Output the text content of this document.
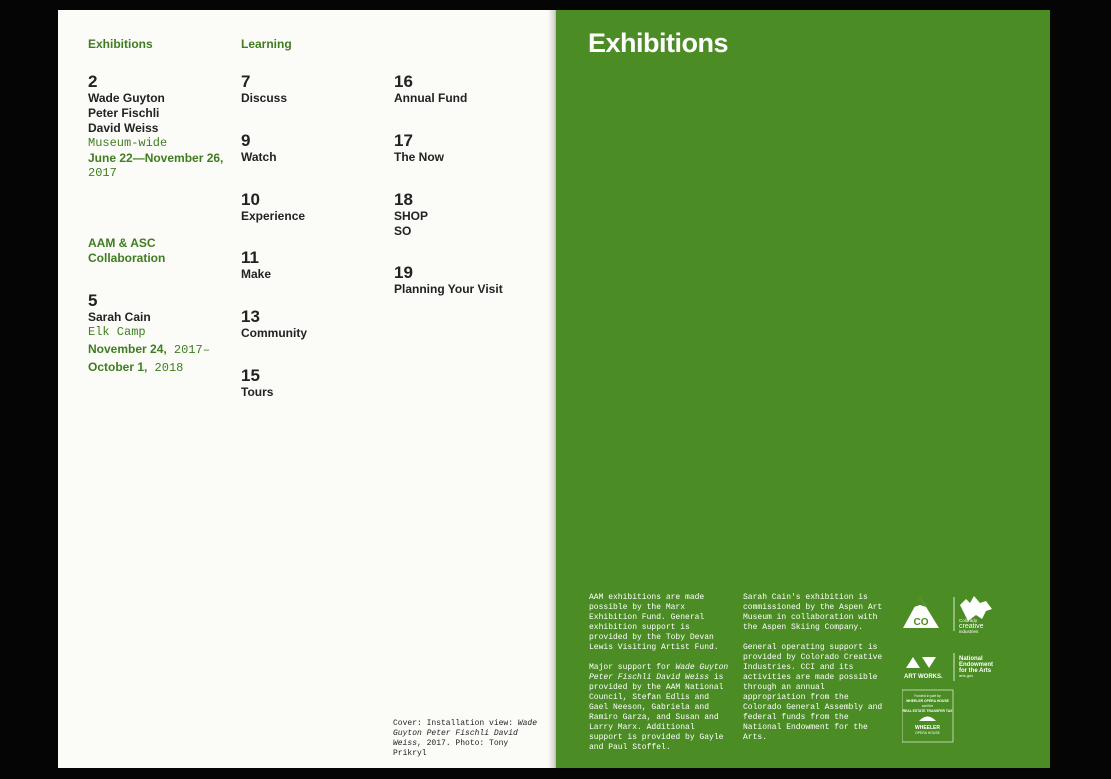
Exhibitions	Learning
2
Wade Guyton
Peter Fischli
David Weiss
Museum-wide
June 22—November 26,
2017
AAM & ASC
Collaboration
5
Sarah Cain
Elk Camp
November 24, 2017–
October 1, 2018
7
Discuss
9
Watch
10
Experience
11
Make
13
Community
15
Tours
16
Annual Fund
17
The Now
18
SHOP
SO
19
Planning Your Visit
Cover: Installation view: Wade Guyton Peter Fischli David Weiss, 2017. Photo: Tony Prikryl
Exhibitions

AAM exhibitions are made possible by the Marx Exhibition Fund. General exhibition support is provided by the Toby Devan Lewis Visiting Artist Fund.

Major support for Wade Guyton Peter Fischli David Weiss is provided by the AAM National Council, Stefan Edlis and Gael Neeson, Gabriela and Ramiro Garza, and Susan and Larry Marx. Additional support is provided by Gayle and Paul Stoffel.

Sarah Cain's exhibition is commissioned by the Aspen Art Museum in collaboration with the Aspen Skiing Company.

General operating support is provided by Colorado Creative Industries. CCI and its activities are made possible through an annual appropriation from the Colorado General Assembly and federal funds from the National Endowment for the Arts.

CO	Colorado
creative
industries
ART WORKS.
National
Endowment
for the Arts
arts.gov
Funded in part by
WHEELER OPERA HOUSE
and the
REAL ESTATE TRANSFER TAX
WHEELER
OPERA HOUSE
